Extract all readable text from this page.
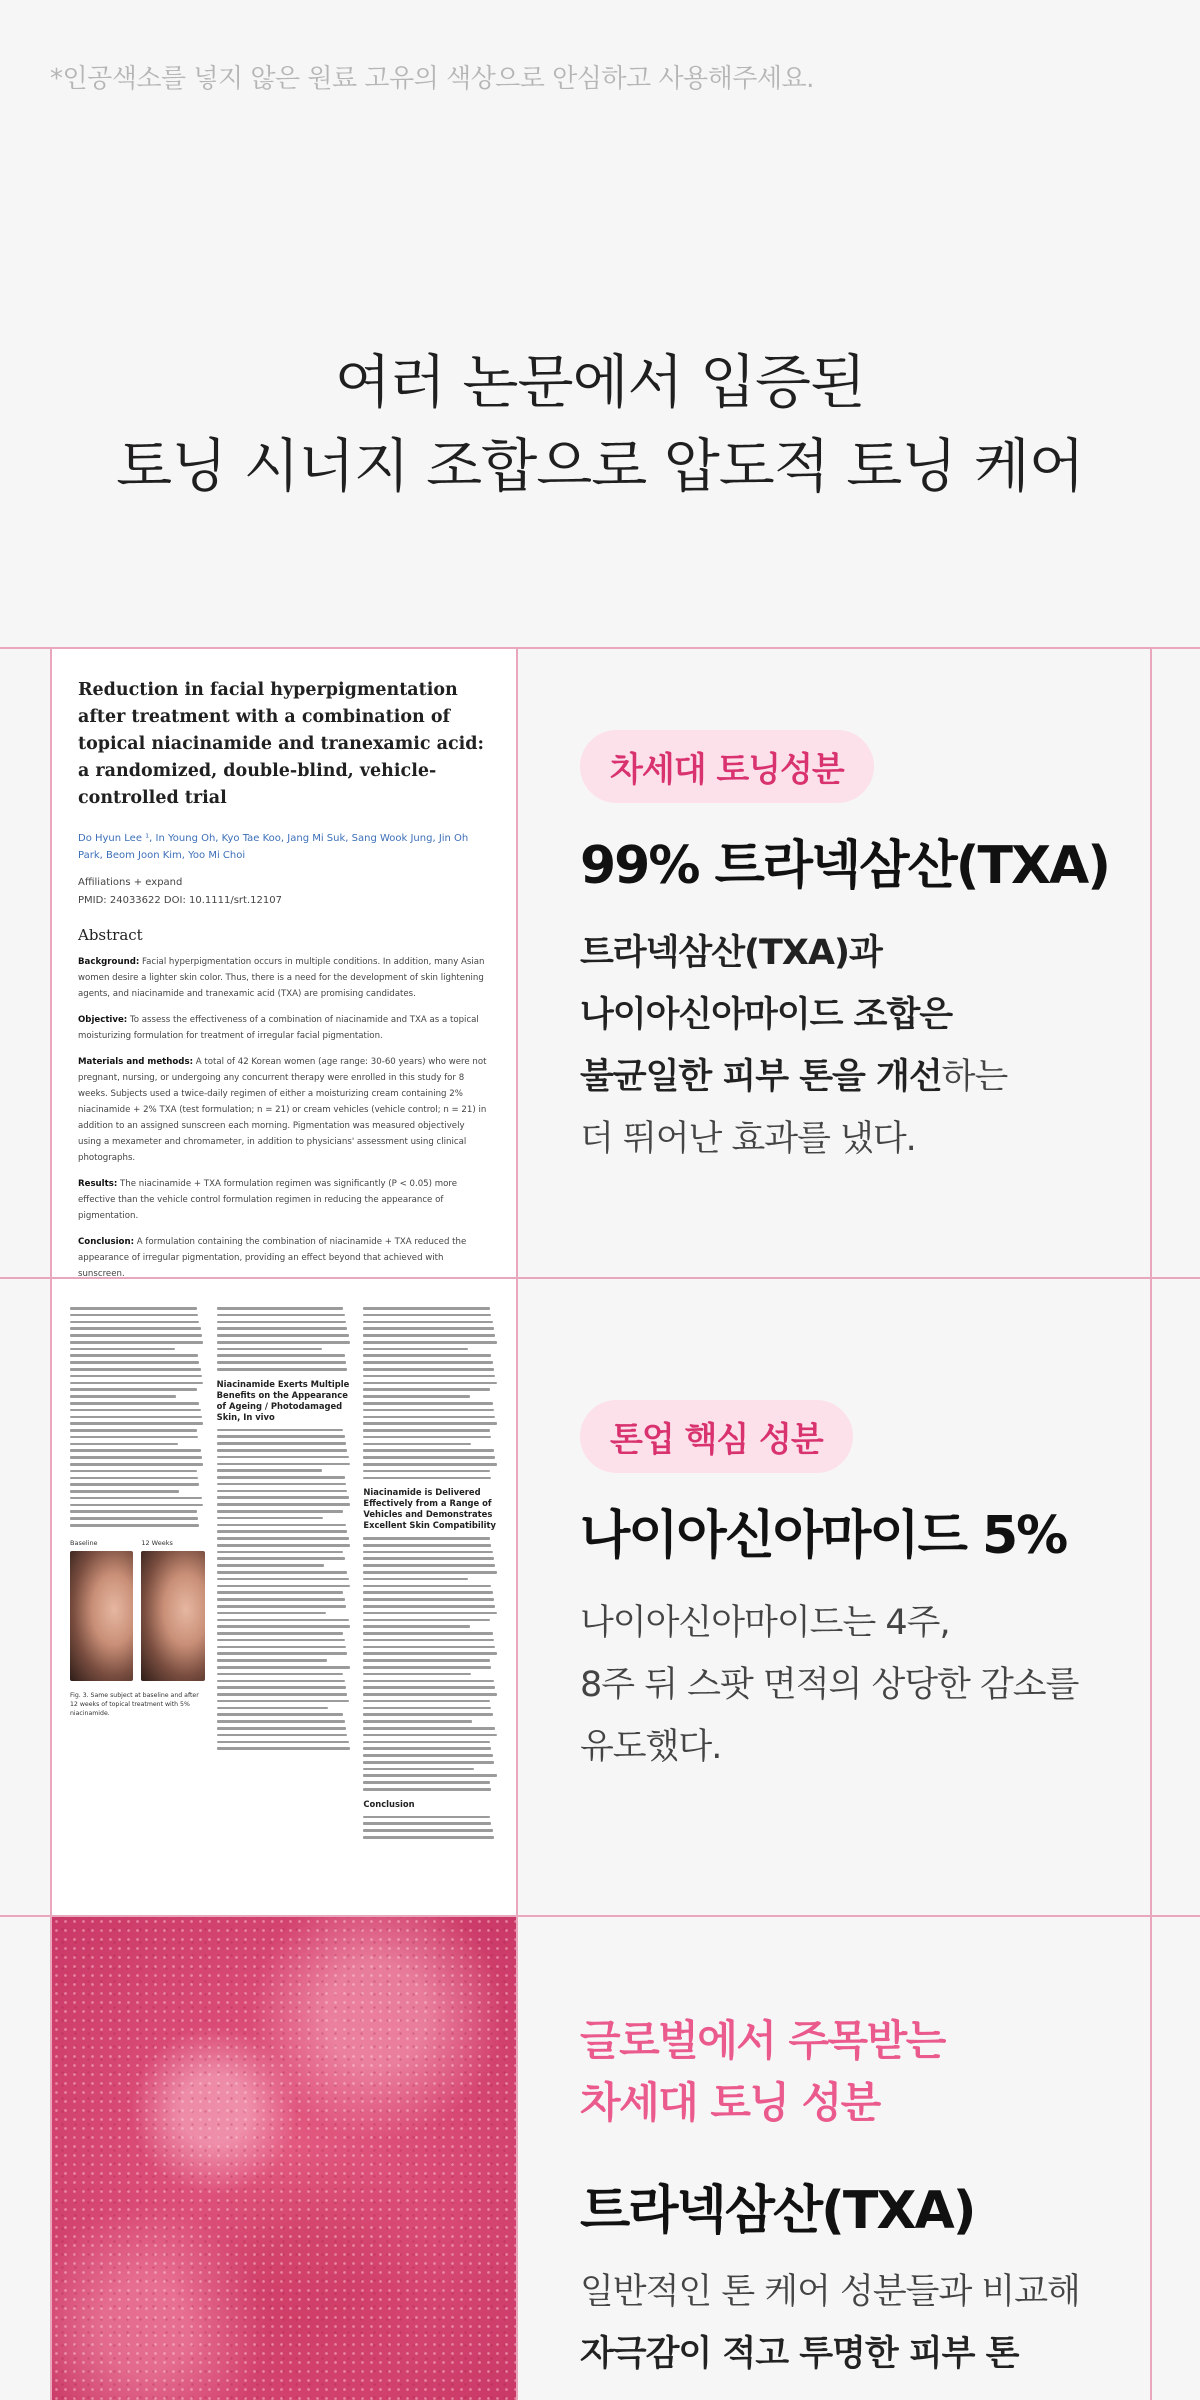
*인공색소를 넣지 않은 원료 고유의 색상으로 안심하고 사용해주세요.
여러 논문에서 입증된
토닝 시너지 조합으로 압도적 토닝 케어
Reduction in facial hyperpigmentation after treatment with a combination of topical niacinamide and tranexamic acid: a randomized, double-blind, vehicle-controlled trial
Do Hyun Lee ¹, In Young Oh, Kyo Tae Koo, Jang Mi Suk, Sang Wook Jung, Jin Oh Park, Beom Joon Kim, Yoo Mi Choi
Affiliations + expand
PMID: 24033622 DOI: 10.1111/srt.12107
Abstract
Background: Facial hyperpigmentation occurs in multiple conditions. In addition, many Asian women desire a lighter skin color. Thus, there is a need for the development of skin lightening agents, and niacinamide and tranexamic acid (TXA) are promising candidates.
Objective: To assess the effectiveness of a combination of niacinamide and TXA as a topical moisturizing formulation for treatment of irregular facial pigmentation.
Materials and methods: A total of 42 Korean women (age range: 30-60 years) who were not pregnant, nursing, or undergoing any concurrent therapy were enrolled in this study for 8 weeks. Subjects used a twice-daily regimen of either a moisturizing cream containing 2% niacinamide + 2% TXA (test formulation; n = 21) or cream vehicles (vehicle control; n = 21) in addition to an assigned sunscreen each morning. Pigmentation was measured objectively using a mexameter and chromameter, in addition to physicians' assessment using clinical photographs.
Results: The niacinamide + TXA formulation regimen was significantly (P < 0.05) more effective than the vehicle control formulation regimen in reducing the appearance of pigmentation.
Conclusion: A formulation containing the combination of niacinamide + TXA reduced the appearance of irregular pigmentation, providing an effect beyond that achieved with sunscreen.
Baseline	12 Weeks
Fig. 3. Same subject at baseline and after 12 weeks of topical treatment with 5% niacinamide.
Niacinamide Exerts Multiple Benefits on the Appearance of Ageing / Photodamaged Skin, In vivo
Niacinamide is Delivered Effectively from a Range of Vehicles and Demonstrates Excellent Skin Compatibility
Conclusion
차세대 토닝성분
99% 트라넥삼산(TXA)
트라넥삼산(TXA)과
나이아신아마이드 조합은
불균일한 피부 톤을 개선하는
더 뛰어난 효과를 냈다.
톤업 핵심 성분
나이아신아마이드 5%
나이아신아마이드는 4주,
8주 뒤 스팟 면적의 상당한 감소를
유도했다.
글로벌에서 주목받는
차세대 토닝 성분
트라넥삼산(TXA)
일반적인 톤 케어 성분들과 비교해
자극감이 적고 투명한 피부 톤
